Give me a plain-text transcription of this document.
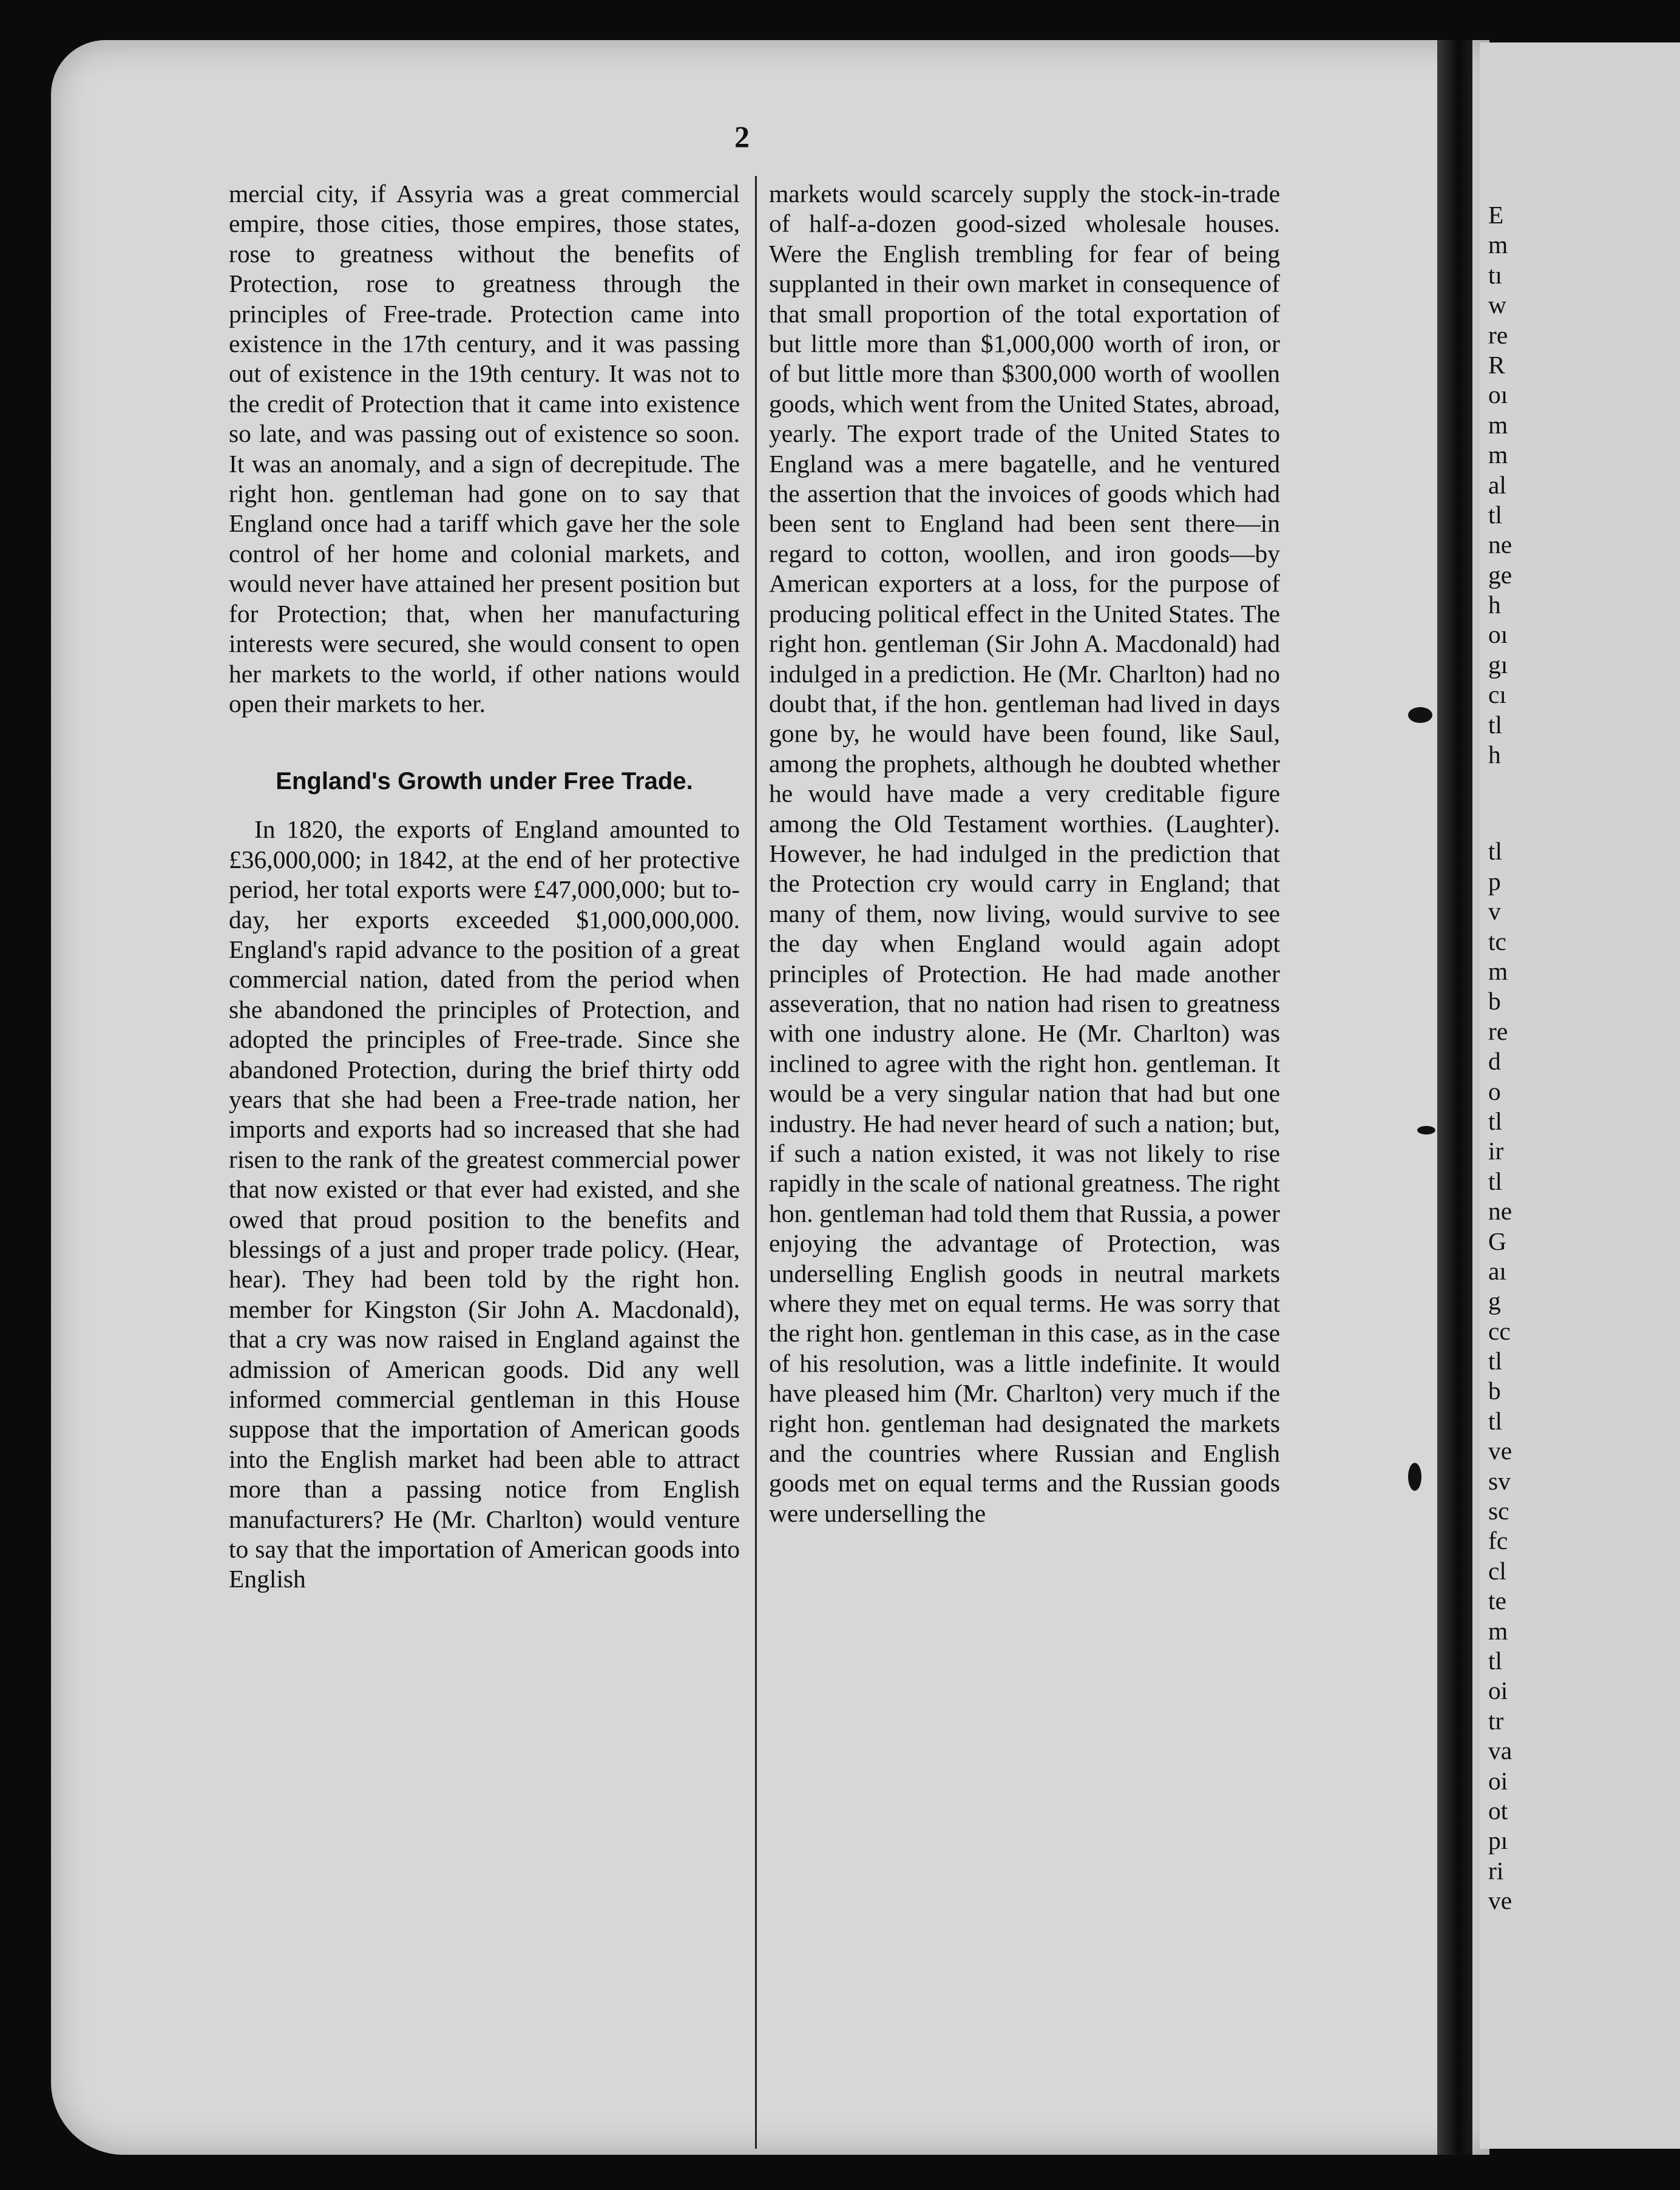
2

mercial city, if Assyria was a great commercial empire, those cities, those empires, those states, rose to greatness without the benefits of Protection, rose to greatness through the principles of Free-trade. Protection came into existence in the 17th century, and it was passing out of existence in the 19th century. It was not to the credit of Protection that it came into existence so late, and was passing out of existence so soon. It was an anomaly, and a sign of decrepitude. The right hon. gentleman had gone on to say that England once had a tariff which gave her the sole control of her home and colonial markets, and would never have attained her present position but for Protection; that, when her manufacturing interests were secured, she would consent to open her markets to the world, if other nations would open their markets to her.

England's Growth under Free Trade.

In 1820, the exports of England amounted to £36,000,000; in 1842, at the end of her protective period, her total exports were £47,000,000; but to-day, her exports exceeded $1,000,000,000. England's rapid advance to the position of a great commercial nation, dated from the period when she abandoned the principles of Protection, and adopted the principles of Free-trade. Since she abandoned Protection, during the brief thirty odd years that she had been a Free-trade nation, her imports and exports had so increased that she had risen to the rank of the greatest commercial power that now existed or that ever had existed, and she owed that proud position to the benefits and blessings of a just and proper trade policy. (Hear, hear). They had been told by the right hon. member for Kingston (Sir John A. Macdonald), that a cry was now raised in England against the admission of American goods. Did any well informed commercial gentleman in this House suppose that the importation of American goods into the English market had been able to attract more than a passing notice from English manufacturers? He (Mr. Charlton) would venture to say that the importation of American goods into English

markets would scarcely supply the stock-in-trade of half-a-dozen good-sized wholesale houses. Were the English trembling for fear of being supplanted in their own market in consequence of that small proportion of the total exportation of but little more than $1,000,000 worth of iron, or of but little more than $300,000 worth of woollen goods, which went from the United States, abroad, yearly. The export trade of the United States to England was a mere bagatelle, and he ventured the assertion that the invoices of goods which had been sent to England had been sent there—in regard to cotton, woollen, and iron goods—by American exporters at a loss, for the purpose of producing political effect in the United States. The right hon. gentleman (Sir John A. Macdonald) had indulged in a prediction. He (Mr. Charlton) had no doubt that, if the hon. gentleman had lived in days gone by, he would have been found, like Saul, among the prophets, although he doubted whether he would have made a very creditable figure among the Old Testament worthies. (Laughter). However, he had indulged in the prediction that the Protection cry would carry in England; that many of them, now living, would survive to see the day when England would again adopt principles of Protection. He had made another asseveration, that no nation had risen to greatness with one industry alone. He (Mr. Charlton) was inclined to agree with the right hon. gentleman. It would be a very singular nation that had but one industry. He had never heard of such a nation; but, if such a nation existed, it was not likely to rise rapidly in the scale of national greatness. The right hon. gentleman had told them that Russia, a power enjoying the advantage of Protection, was underselling English goods in neutral markets where they met on equal terms. He was sorry that the right hon. gentleman in this case, as in the case of his resolution, was a little indefinite. It would have pleased him (Mr. Charlton) very much if the right hon. gentleman had designated the markets and the countries where Russian and English goods met on equal terms and the Russian goods were underselling the

E
m
tı
w
re
R
oı
m
m
al
tl
ne
ge
h
oı
gı
cı
tl
h
tl
p
v
tc
m
b
re
d
o
tl
ir
tl
ne
G
aı
g
cc
tl
b
tl
ve
sv
sc
fc
cl
te
m
tl
oi
tr
va
oi
ot
pı
ri
ve
